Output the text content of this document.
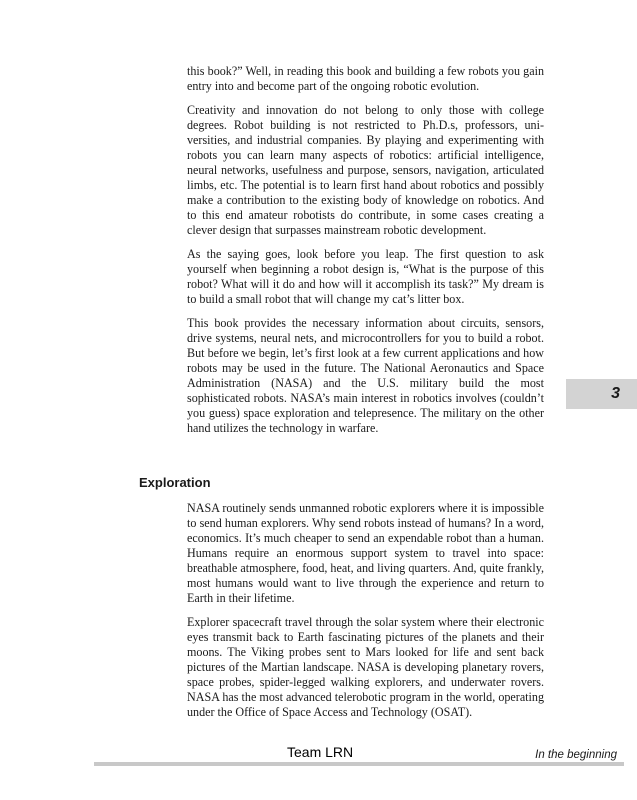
this book?” Well, in reading this book and building a few robots you gain entry into and become part of the ongoing robotic evolution.

Creativity and innovation do not belong to only those with college degrees. Robot building is not restricted to Ph.D.s, professors, universities, and industrial companies. By playing and experimenting with robots you can learn many aspects of robotics: artificial intelligence, neural networks, usefulness and purpose, sensors, navigation, articulated limbs, etc. The potential is to learn first hand about robotics and possibly make a contribution to the existing body of knowledge on robotics. And to this end amateur robotists do contribute, in some cases creating a clever design that surpasses mainstream robotic development.

As the saying goes, look before you leap. The first question to ask yourself when beginning a robot design is, “What is the purpose of this robot? What will it do and how will it accomplish its task?” My dream is to build a small robot that will change my cat’s litter box.

This book provides the necessary information about circuits, sensors, drive systems, neural nets, and microcontrollers for you to build a robot. But before we begin, let’s first look at a few current applications and how robots may be used in the future. The National Aeronautics and Space Administration (NASA) and the U.S. military build the most sophisticated robots. NASA’s main interest in robotics involves (couldn’t you guess) space exploration and telepresence. The military on the other hand utilizes the technology in warfare.

Exploration

NASA routinely sends unmanned robotic explorers where it is impossible to send human explorers. Why send robots instead of humans? In a word, economics. It’s much cheaper to send an expendable robot than a human. Humans require an enormous support system to travel into space: breathable atmosphere, food, heat, and living quarters. And, quite frankly, most humans would want to live through the experience and return to Earth in their lifetime.

Explorer spacecraft travel through the solar system where their electronic eyes transmit back to Earth fascinating pictures of the planets and their moons. The Viking probes sent to Mars looked for life and sent back pictures of the Martian landscape. NASA is developing planetary rovers, space probes, spider-legged walking explorers, and underwater rovers. NASA has the most advanced telerobotic program in the world, operating under the Office of Space Access and Technology (OSAT).

3
Team LRN	In the beginning
